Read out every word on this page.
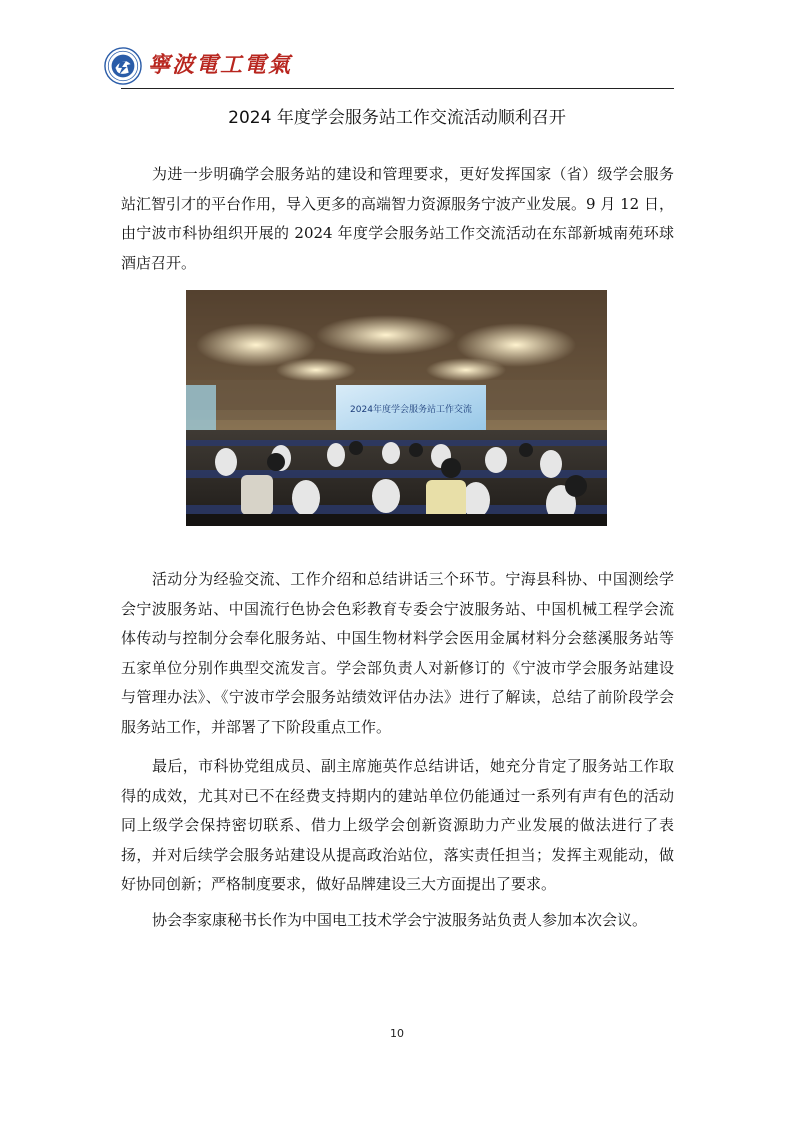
寧波電工電氣
2024 年度学会服务站工作交流活动顺利召开

为进一步明确学会服务站的建设和管理要求，更好发挥国家（省）级学会服务站汇智引才的平台作用，导入更多的高端智力资源服务宁波产业发展。9 月 12 日，由宁波市科协组织开展的 2024 年度学会服务站工作交流活动在东部新城南苑环球酒店召开。

2024年度学会服务站工作交流

活动分为经验交流、工作介绍和总结讲话三个环节。宁海县科协、中国测绘学会宁波服务站、中国流行色协会色彩教育专委会宁波服务站、中国机械工程学会流体传动与控制分会奉化服务站、中国生物材料学会医用金属材料分会慈溪服务站等五家单位分别作典型交流发言。学会部负责人对新修订的《宁波市学会服务站建设与管理办法》、《宁波市学会服务站绩效评估办法》进行了解读，总结了前阶段学会服务站工作，并部署了下阶段重点工作。

最后，市科协党组成员、副主席施英作总结讲话，她充分肯定了服务站工作取得的成效，尤其对已不在经费支持期内的建站单位仍能通过一系列有声有色的活动同上级学会保持密切联系、借力上级学会创新资源助力产业发展的做法进行了表扬，并对后续学会服务站建设从提高政治站位，落实责任担当；发挥主观能动，做好协同创新；严格制度要求，做好品牌建设三大方面提出了要求。

协会李家康秘书长作为中国电工技术学会宁波服务站负责人参加本次会议。

10
